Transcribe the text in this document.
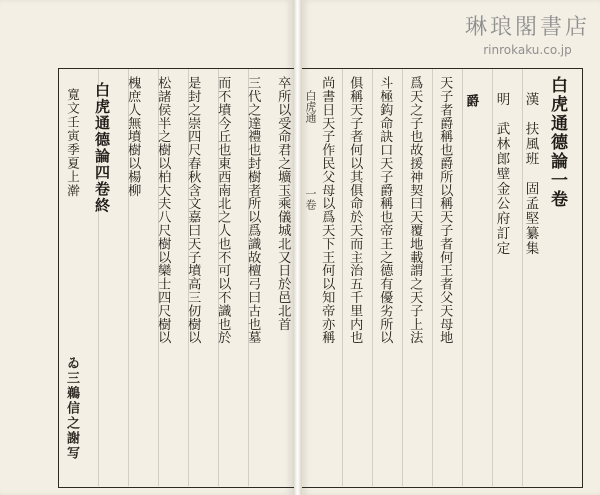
琳琅閣書店
rinrokaku.co.jp
白虎通德論一卷
漢　扶風班　固孟堅纂集
明　武林郎壁金公府訂定
爵
天子者爵稱也爵所以稱天子者何王者父天母地
爲天之子也故援神契曰天覆地載謂之天子上法
斗極鈎命訣口天子爵稱也帝王之德有優劣所以
俱稱天子者何以其俱命於天而主治五千里内也
尚書日天子作民父母以爲天下王何以知帝亦稱
白虎通
一卷
卒所以受命君之壙玉乘儀城北又日於邑北首
三代之達禮也封樹者所以爲識故檀弓曰古也墓
而不墳今丘也東西南北之人也不可以不識也於
是封之崇四尺春秋含文嘉曰天子墳高三仞樹以
松諸侯半之樹以柏大夫八尺樹以欒士四尺樹以
槐庶人無墳樹以楊柳
白虎通德論四卷終
寛文壬寅季夏上澣
ゐ三鵜信之謝写
